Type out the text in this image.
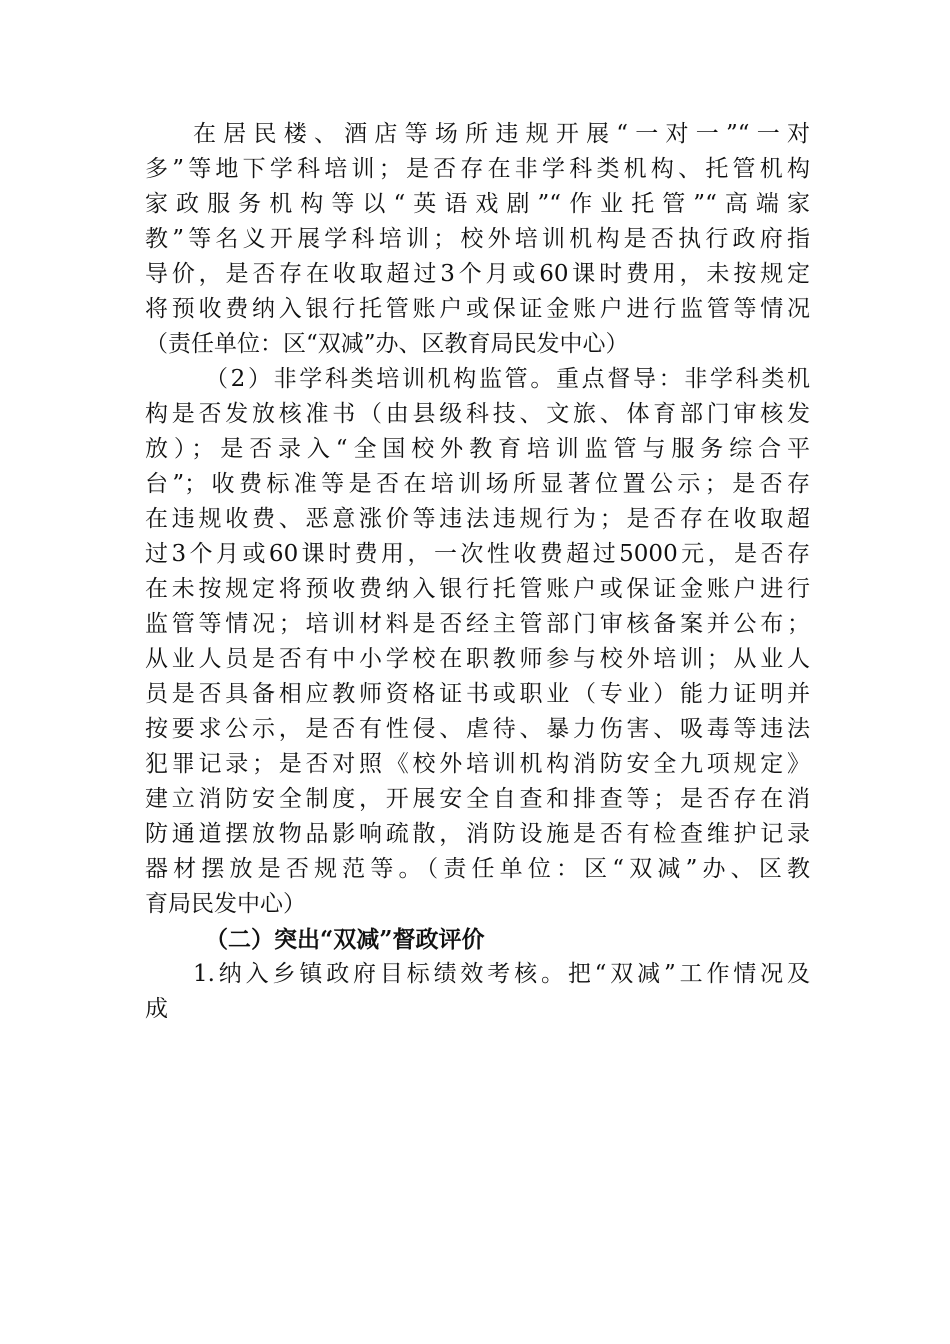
在居民楼、酒店等场所违规开展“一对一”“一对
多”等地下学科培训；是否存在非学科类机构、托管机构
家政服务机构等以“英语戏剧”“作业托管”“高端家
教”等名义开展学科培训；校外培训机构是否执行政府指
导价，是否存在收取超过3个月或60课时费用，未按规定
将预收费纳入银行托管账户或保证金账户进行监管等情况
（责任单位：区“双减”办、区教育局民发中心）
（2）非学科类培训机构监管。重点督导：非学科类机
构是否发放核准书（由县级科技、文旅、体育部门审核发
放）；是否录入“全国校外教育培训监管与服务综合平
台”；收费标准等是否在培训场所显著位置公示；是否存
在违规收费、恶意涨价等违法违规行为；是否存在收取超
过3个月或60课时费用，一次性收费超过5000元，是否存
在未按规定将预收费纳入银行托管账户或保证金账户进行
监管等情况；培训材料是否经主管部门审核备案并公布；
从业人员是否有中小学校在职教师参与校外培训；从业人
员是否具备相应教师资格证书或职业（专业）能力证明并
按要求公示，是否有性侵、虐待、暴力伤害、吸毒等违法
犯罪记录；是否对照《校外培训机构消防安全九项规定》
建立消防安全制度，开展安全自查和排查等；是否存在消
防通道摆放物品影响疏散，消防设施是否有检查维护记录
器材摆放是否规范等。（责任单位：区“双减”办、区教
育局民发中心）
（二）突出“双减”督政评价
1.纳入乡镇政府目标绩效考核。把“双减”工作情况及
成
